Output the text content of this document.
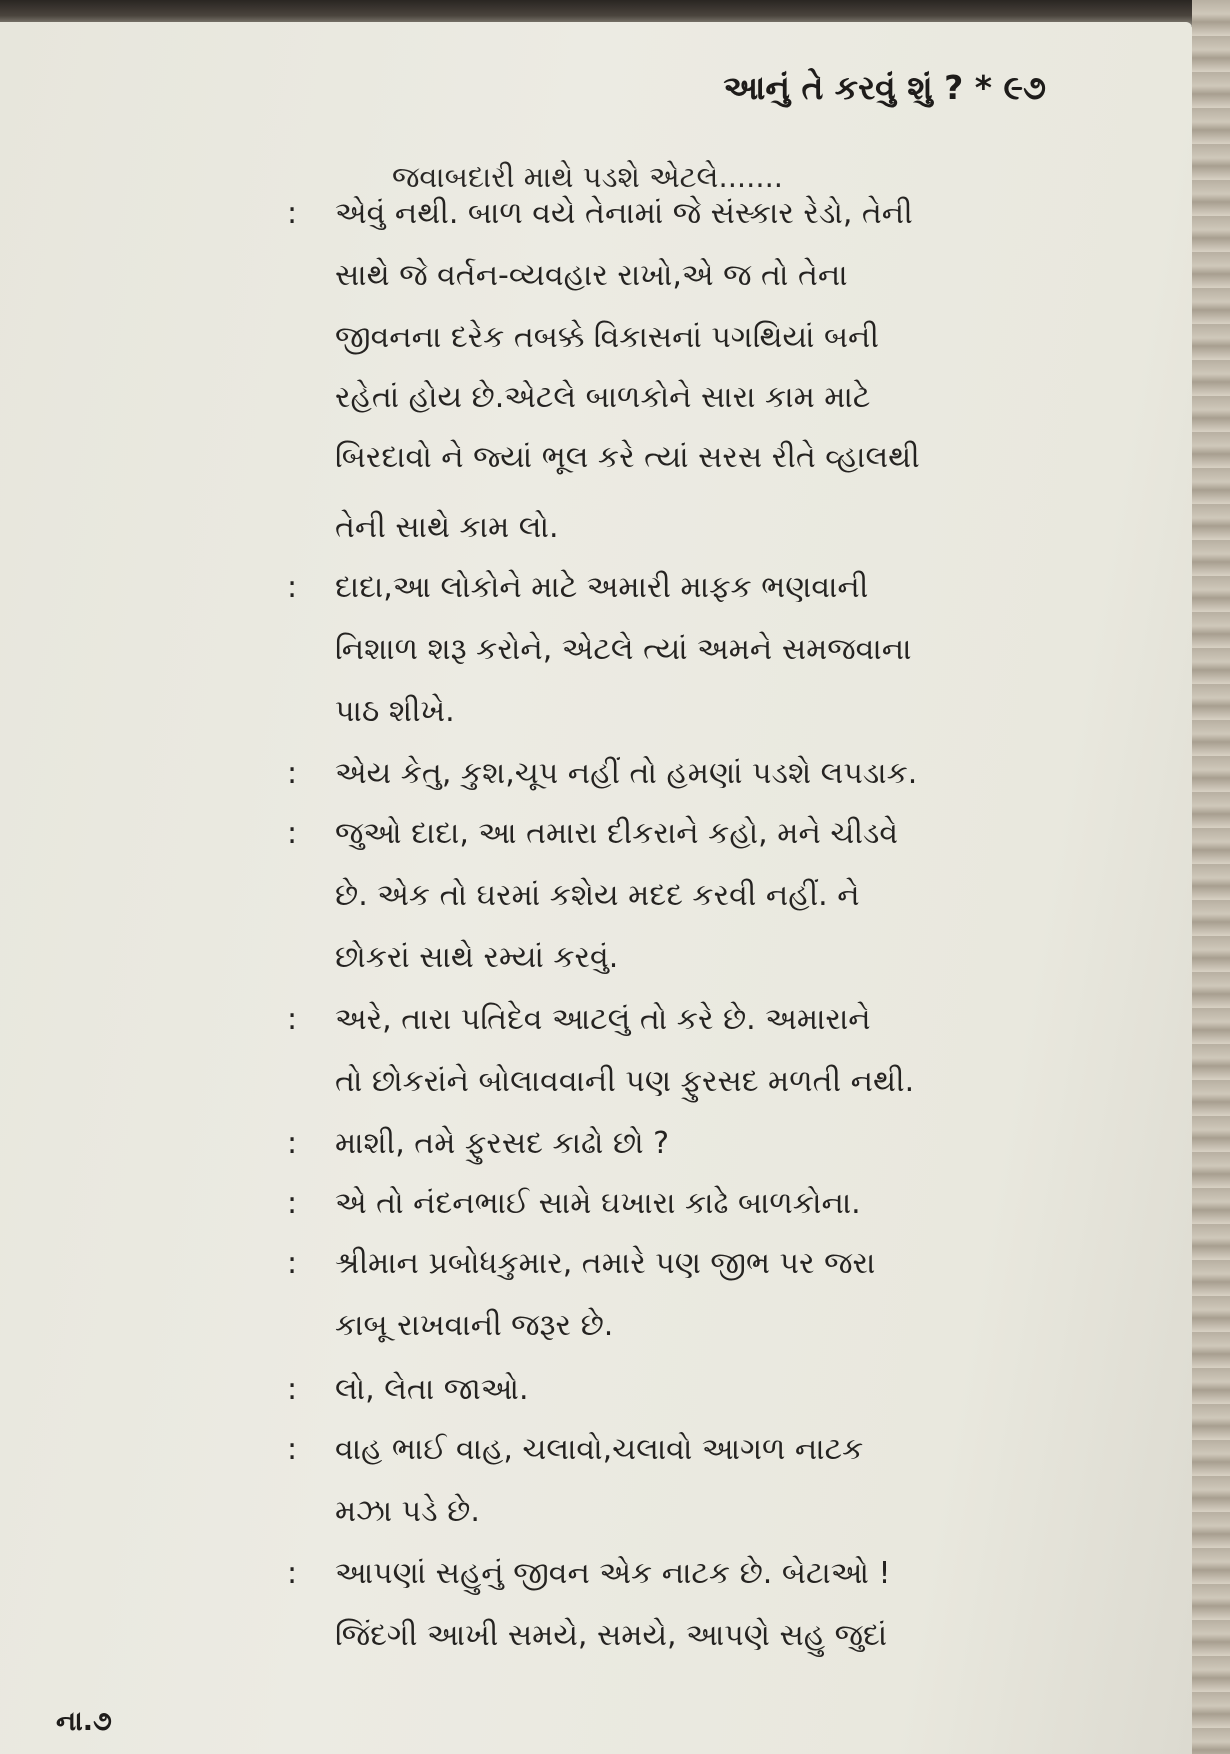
આનું તે કરવું શું ? * ૯૭
જવાબદારી માથે પડશે એટલે.......
: એવું નથી. બાળ વયે તેનામાં જે સંસ્કાર રેડો, તેની
સાથે જે વર્તન-વ્યવહાર રાખો,એ જ તો તેના
જીવનના દરેક તબક્કે વિકાસનાં પગથિયાં બની
રહેતાં હોય છે.એટલે બાળકોને સારા કામ માટે
બિરદાવો ને જ્યાં ભૂલ કરે ત્યાં સરસ રીતે વ્હાલથી
તેની સાથે કામ લો.
: દાદા,આ લોકોને માટે અમારી માફક ભણવાની
નિશાળ શરૂ કરોને, એટલે ત્યાં અમને સમજવાના
પાઠ શીખે.
: એય કેતુ, કુશ,ચૂપ નહીં તો હમણાં પડશે લપડાક.
: જુઓ દાદા, આ તમારા દીકરાને કહો, મને ચીડવે
છે. એક તો ઘરમાં કશેય મદદ કરવી નહીં. ને
છોકરાં સાથે રમ્યાં કરવું.
: અરે, તારા પતિદેવ આટલું તો કરે છે. અમારાને
તો છોકરાંને બોલાવવાની પણ ફુરસદ મળતી નથી.
: માશી, તમે ફુરસદ કાઢો છો ?
: એ તો નંદનભાઈ સામે ઘખારા કાઢે બાળકોના.
: શ્રીમાન પ્રબોધકુમાર, તમારે પણ જીભ પર જરા
કાબૂ રાખવાની જરૂર છે.
: લો, લેતા જાઓ.
: વાહ ભાઈ વાહ, ચલાવો,ચલાવો આગળ નાટક
મઝા પડે છે.
: આપણાં સહુનું જીવન એક નાટક છે. બેટાઓ !
જિંદગી આખી સમયે, સમયે, આપણે સહુ જુદાં
ના.૭
